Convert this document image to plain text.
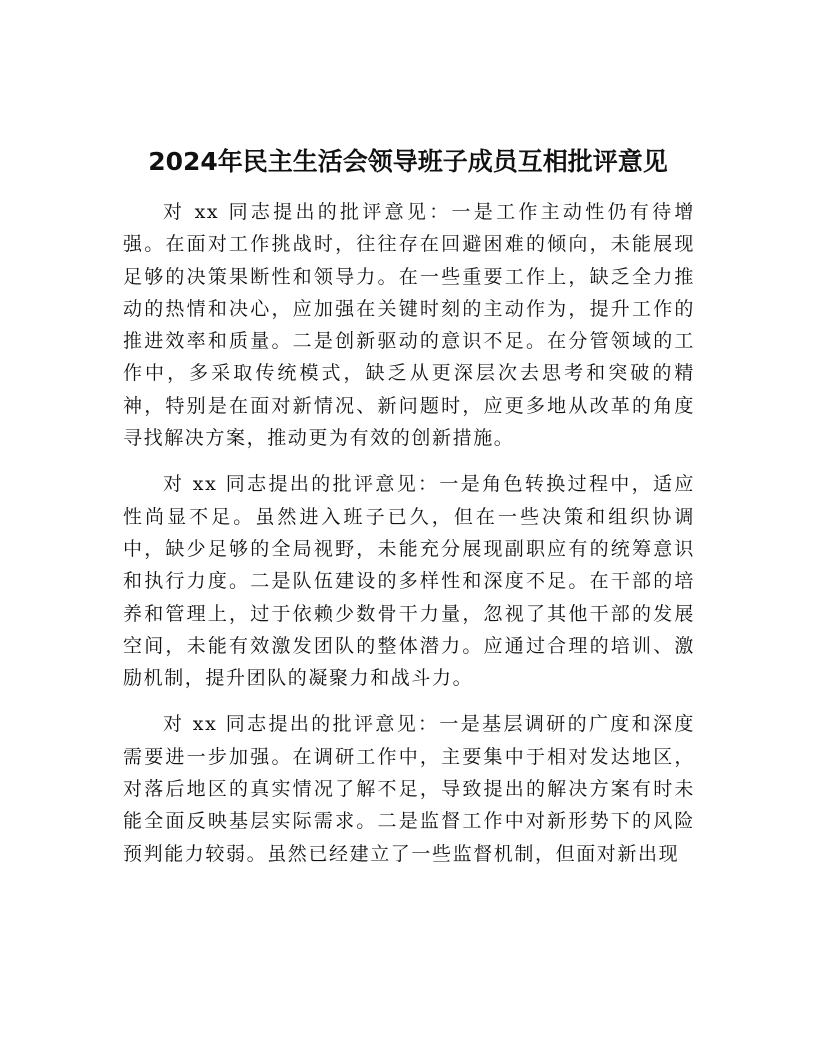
2024年民主生活会领导班子成员互相批评意见

对 xx 同志提出的批评意见：一是工作主动性仍有待增强。在面对工作挑战时，往往存在回避困难的倾向，未能展现足够的决策果断性和领导力。在一些重要工作上，缺乏全力推动的热情和决心，应加强在关键时刻的主动作为，提升工作的推进效率和质量。二是创新驱动的意识不足。在分管领域的工作中，多采取传统模式，缺乏从更深层次去思考和突破的精神，特别是在面对新情况、新问题时，应更多地从改革的角度寻找解决方案，推动更为有效的创新措施。

对 xx 同志提出的批评意见：一是角色转换过程中，适应性尚显不足。虽然进入班子已久，但在一些决策和组织协调中，缺少足够的全局视野，未能充分展现副职应有的统筹意识和执行力度。二是队伍建设的多样性和深度不足。在干部的培养和管理上，过于依赖少数骨干力量，忽视了其他干部的发展空间，未能有效激发团队的整体潜力。应通过合理的培训、激励机制，提升团队的凝聚力和战斗力。

对 xx 同志提出的批评意见：一是基层调研的广度和深度需要进一步加强。在调研工作中，主要集中于相对发达地区，对落后地区的真实情况了解不足，导致提出的解决方案有时未能全面反映基层实际需求。二是监督工作中对新形势下的风险预判能力较弱。虽然已经建立了一些监督机制，但面对新出现
